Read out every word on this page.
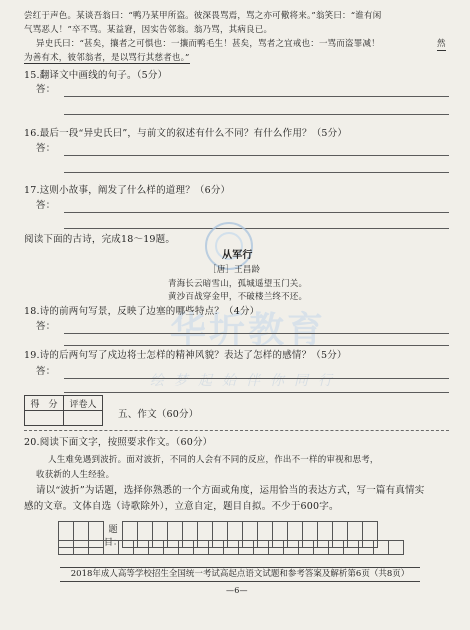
尝红于声色。某谈吾翁曰：“鸭乃某甲所盗。彼深畏骂焉，骂之亦可儆将来。”翁笑曰：“谁有闲
气骂恶人！”卒不骂。某益窘，因实告邻翁。翁乃骂，其病良已。
异史氏曰：“甚矣，攘者之可惧也：一攘而鸭毛生！甚矣，骂者之宜戒也：一骂而盗罪减！	然
为善有术，彼邻翁者，是以骂行其慈者也。”
15.翻译文中画线的句子。（5分）
答：
16.最后一段“异史氏曰”，与前文的叙述有什么不同？有什么作用？（5分）
答：
17.这则小故事，阐发了什么样的道理？（6分）
答：
华圻教育
绘梦起始伴你同行
阅读下面的古诗，完成18～19题。
从军行
［唐］王昌龄
青海长云暗雪山，孤城遥望玉门关。
黄沙百战穿金甲，不破楼兰终不还。
18.诗的前两句写景，反映了边塞的哪些特点？（4分）
答：
19.诗的后两句写了戍边将士怎样的精神风貌？表达了怎样的感情？（5分）
答：
得　分	评卷人

五、作文（60分）
20.阅读下面文字，按照要求作文。（60分）
人生难免遇到波折。面对波折，不同的人会有不同的反应，作出不一样的审视和思考，
收获新的人生经验。
请以“波折”为话题，选择你熟悉的一个方面或角度，运用恰当的表达方式，写一篇有真情实
感的文章。文体自选（诗歌除外），立意自定，题目自拟。不少于600字。
			题　目：																	

2018年成人高等学校招生全国统一考试高起点语文试题和参考答案及解析第6页（共8页）
—6—
